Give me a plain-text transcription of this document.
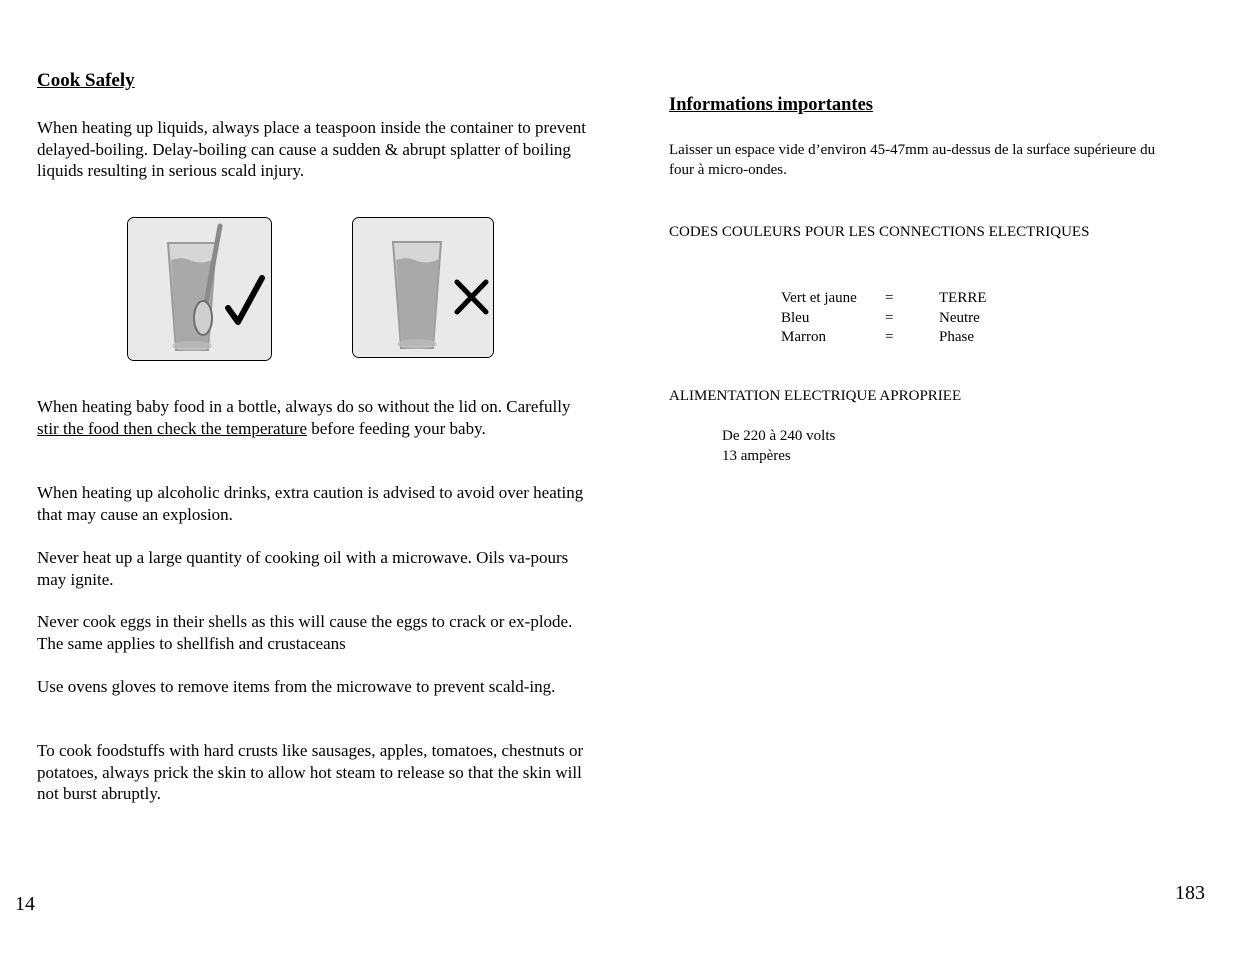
Cook Safely
When heating up liquids, always place a teaspoon inside the container to prevent delayed-boiling. Delay-boiling can cause a sudden & abrupt splatter of boiling liquids resulting in serious scald injury.
When heating baby food in a bottle, always do so without the lid on. Carefully stir the food then check the temperature before feeding your baby.
When heating up alcoholic drinks, extra caution is advised to avoid over heating that may cause an explosion.
Never heat up a large quantity of cooking oil with a microwave. Oils va-pours may ignite.
Never cook eggs in their shells as this will cause the eggs to crack or ex-plode. The same applies to shellfish and crustaceans
Use ovens gloves to remove items from the microwave to prevent scald-ing.
To cook foodstuffs with hard crusts like sausages, apples, tomatoes, chestnuts or potatoes, always prick the skin to allow hot steam to release so that the skin will not burst abruptly.
14
Informations importantes
Laisser un espace vide d’environ 45-47mm au-dessus de la surface supérieure du four à micro-ondes.
CODES COULEURS POUR LES CONNECTIONS ELECTRIQUES
Vert et jaune	=	TERRE
Bleu	=	Neutre
Marron	=	Phase
ALIMENTATION ELECTRIQUE APROPRIEE
De 220 à 240 volts
13 ampères
183
